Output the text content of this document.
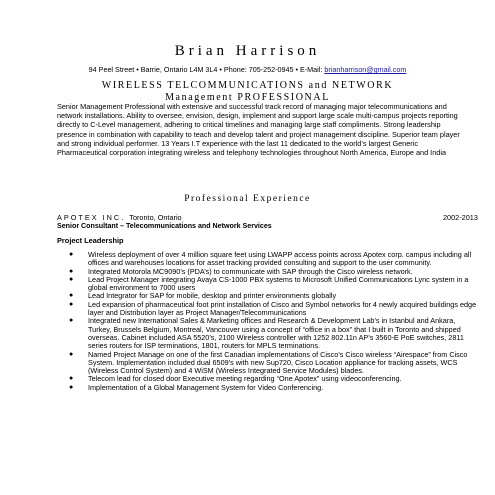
Brian Harrison
94 Peel Street • Barrie, Ontario L4M 3L4 • Phone: 705-252-0945 • E-Mail: brianharrison@gmail.com
WIRELESS TELCOMMUNICATIONS and NETWORK
Management PROFESSIONAL
Senior Management Professional with extensive and successful track record of managing major telecommunications and network installations. Ability to oversee, envision, design, implement and support large scale multi-campus projects reporting directly to C-Level management, adhering to critical timelines and managing large staff compliments. Strong leadership presence in combination with capability to teach and develop talent and project management discipline. Superior team player and strong individual performer. 13 Years I.T experience with the last 11 dedicated to the world’s largest Generic Pharmaceutical corporation integrating wireless and telephony technologies throughout North America, Europe and India
Professional Experience
APOTEX INC. Toronto, Ontario	2002-2013
Senior Consultant – Telecommunications and Network Services
Project Leadership
● Wireless deployment of over 4 million square feet using LWAPP access points across Apotex corp. campus including all offices and warehouses locations for asset tracking provided consulting and support to the user community.
● Integrated Motorola MC9090’s (PDA’s) to communicate with SAP through the Cisco wireless network.
● Lead Project Manager integrating Avaya CS-1000 PBX systems to Microsoft Unified Communications Lync system in a global environment to 7000 users
● Lead Integrator for SAP for mobile, desktop and printer environments globally
● Led expansion of pharmaceutical foot print installation of Cisco and Symbol networks for 4 newly acquired buildings edge layer and Distribution layer as Project Manager/Telecommunications
● Integrated new International Sales & Marketing offices and Research & Development Lab’s in Istanbul and Ankara, Turkey, Brussels Belgium, Montreal, Vancouver using a concept of “office in a box” that I built in Toronto and shipped overseas. Cabinet included ASA 5520’s, 2100 Wireless controller with 1252 802.11n AP’s 3560-E PoE switches, 2811 series routers for ISP terminations, 1801, routers for MPLS terminations.
● Named Project Manage on one of the first Canadian implementations of Cisco’s Cisco wireless “Airespace” from Cisco System. Implementation included dual 6509’s with new Sup720, Cisco Location appliance for tracking assets, WCS (Wireless Control System) and 4 WiSM (Wireless Integrated Service Modules) blades.
● Telecom lead for closed door Executive meeting regarding “One Apotex” using videoconferencing.
● Implementation of a Global Management System for Video Conferencing.
